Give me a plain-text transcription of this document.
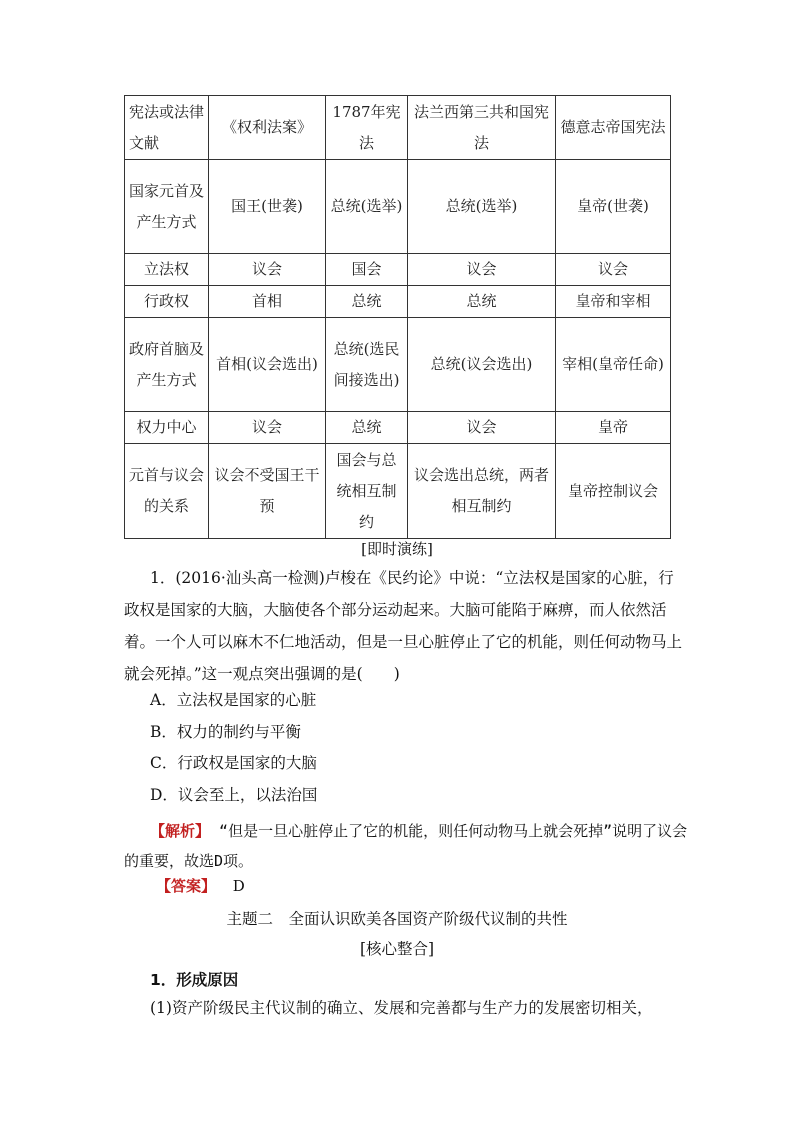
宪法或法律文献	《权利法案》	1787年宪法	法兰西第三共和国宪法	德意志帝国宪法
国家元首及产生方式	国王(世袭)	总统(选举)	总统(选举)	皇帝(世袭)
立法权	议会	国会	议会	议会
行政权	首相	总统	总统	皇帝和宰相
政府首脑及产生方式	首相(议会选出)	总统(选民间接选出)	总统(议会选出)	宰相(皇帝任命)
权力中心	议会	总统	议会	皇帝
元首与议会的关系	议会不受国王干预	国会与总统相互制约	议会选出总统，两者相互制约	皇帝控制议会
[即时演练]

1．(2016·汕头高一检测)卢梭在《民约论》中说：“立法权是国家的心脏，行政权是国家的大脑，大脑使各个部分运动起来。大脑可能陷于麻痹，而人依然活着。一个人可以麻木不仁地活动，但是一旦心脏停止了它的机能，则任何动物马上就会死掉。”这一观点突出强调的是(　　)

A．立法权是国家的心脏
B．权力的制约与平衡
C．行政权是国家的大脑
D．议会至上，以法治国
【解析】 “但是一旦心脏停止了它的机能，则任何动物马上就会死掉”说明了议会的重要，故选D项。
【答案】 D
主题二　全面认识欧美各国资产阶级代议制的共性
[核心整合]
1．形成原因
(1)资产阶级民主代议制的确立、发展和完善都与生产力的发展密切相关，
